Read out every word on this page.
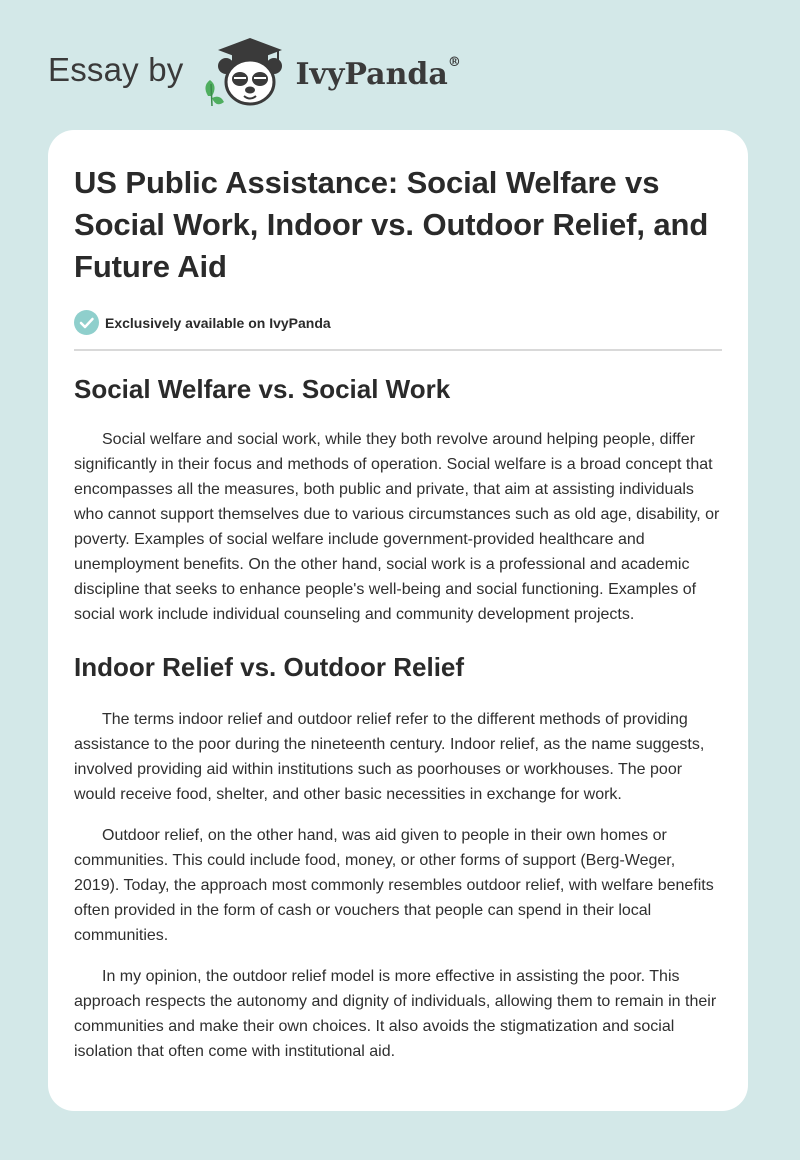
Essay by	IvyPanda®
US Public Assistance: Social Welfare vs Social Work, Indoor vs. Outdoor Relief, and Future Aid
Exclusively available on IvyPanda
Social Welfare vs. Social Work

Social welfare and social work, while they both revolve around helping people, differ significantly in their focus and methods of operation. Social welfare is a broad concept that encompasses all the measures, both public and private, that aim at assisting individuals who cannot support themselves due to various circumstances such as old age, disability, or poverty. Examples of social welfare include government-provided healthcare and unemployment benefits. On the other hand, social work is a professional and academic discipline that seeks to enhance people's well-being and social functioning. Examples of social work include individual counseling and community development projects.

Indoor Relief vs. Outdoor Relief

The terms indoor relief and outdoor relief refer to the different methods of providing assistance to the poor during the nineteenth century. Indoor relief, as the name suggests, involved providing aid within institutions such as poorhouses or workhouses. The poor would receive food, shelter, and other basic necessities in exchange for work.

Outdoor relief, on the other hand, was aid given to people in their own homes or communities. This could include food, money, or other forms of support (Berg-Weger, 2019). Today, the approach most commonly resembles outdoor relief, with welfare benefits often provided in the form of cash or vouchers that people can spend in their local communities.

In my opinion, the outdoor relief model is more effective in assisting the poor. This approach respects the autonomy and dignity of individuals, allowing them to remain in their communities and make their own choices. It also avoids the stigmatization and social isolation that often come with institutional aid.
